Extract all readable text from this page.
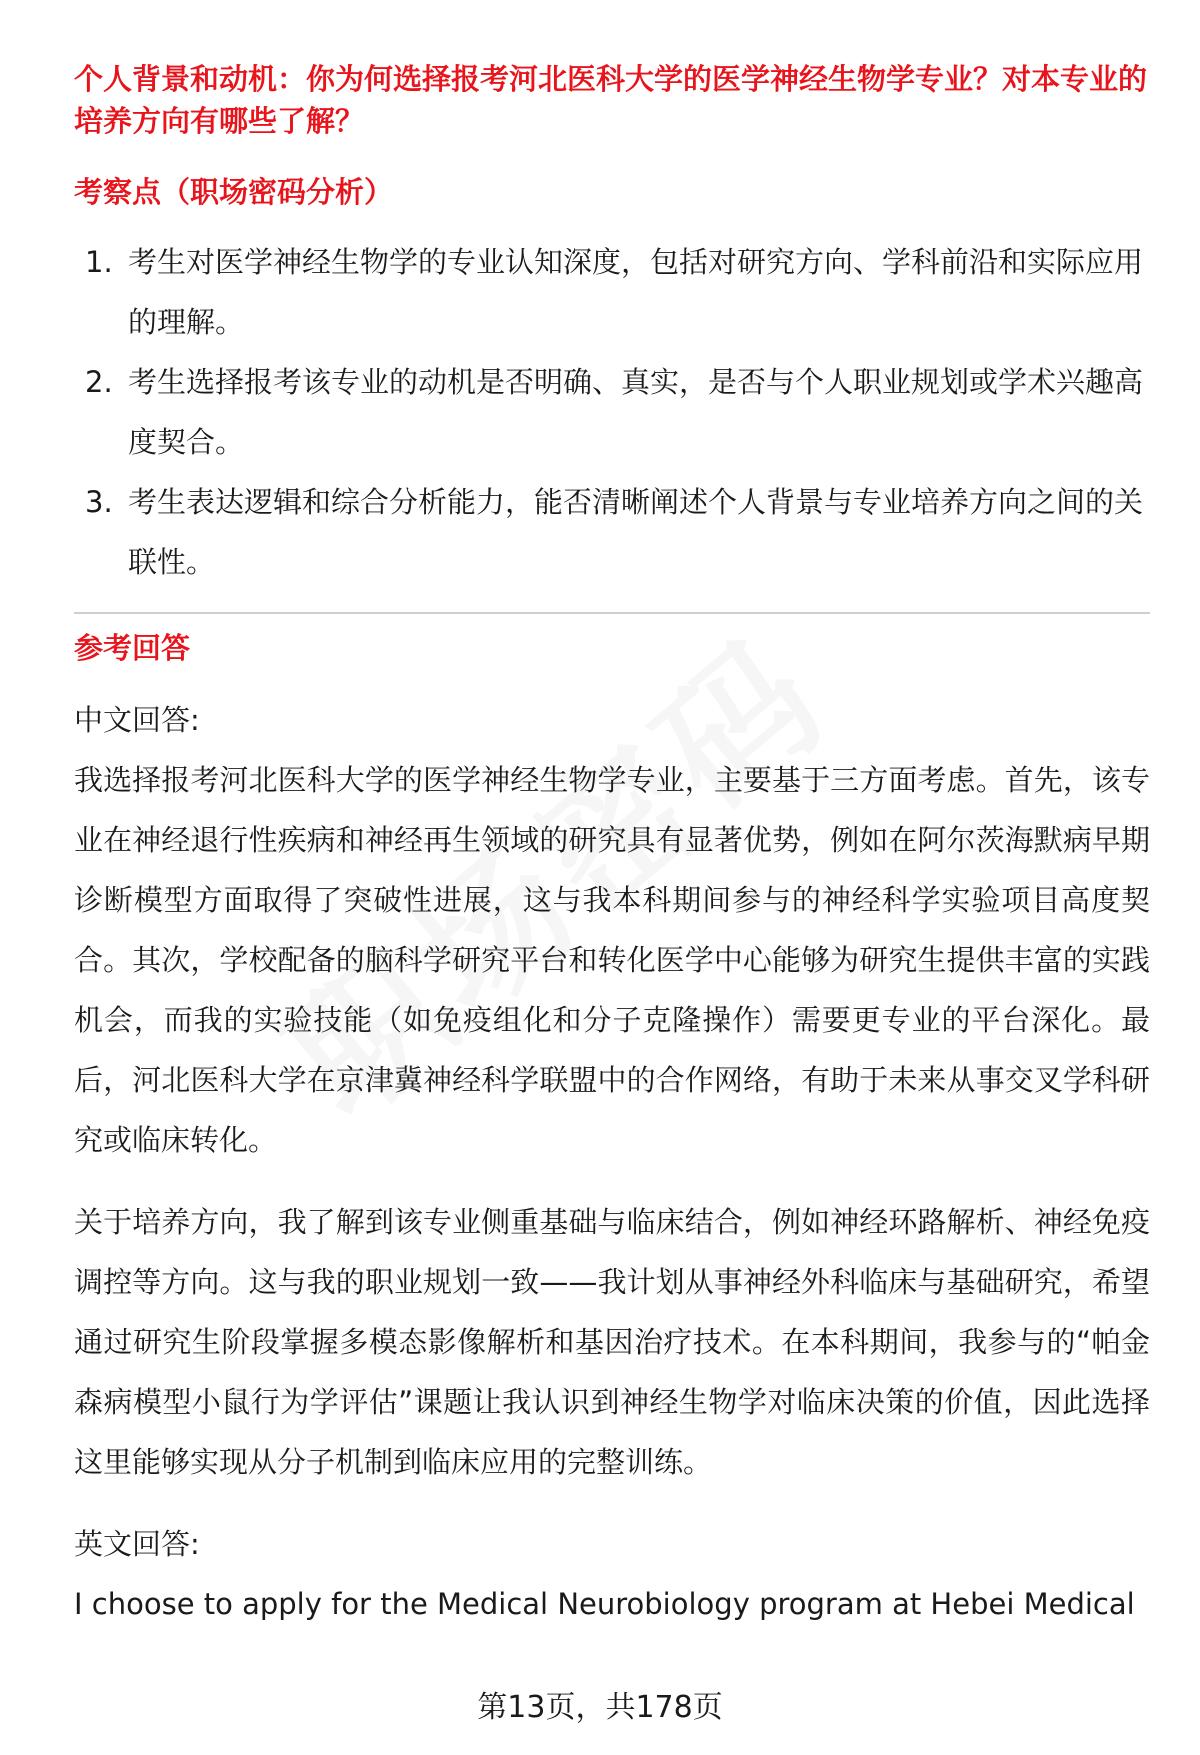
个人背景和动机：你为何选择报考河北医科大学的医学神经生物学专业？对本专业的培养方向有哪些了解？

考察点（职场密码分析）

1. 考生对医学神经生物学的专业认知深度，包括对研究方向、学科前沿和实际应用的理解。
2. 考生选择报考该专业的动机是否明确、真实，是否与个人职业规划或学术兴趣高度契合。
3. 考生表达逻辑和综合分析能力，能否清晰阐述个人背景与专业培养方向之间的关联性。

参考回答

中文回答:

我选择报考河北医科大学的医学神经生物学专业，主要基于三方面考虑。首先，该专业在神经退行性疾病和神经再生领域的研究具有显著优势，例如在阿尔茨海默病早期诊断模型方面取得了突破性进展，这与我本科期间参与的神经科学实验项目高度契合。其次，学校配备的脑科学研究平台和转化医学中心能够为研究生提供丰富的实践机会，而我的实验技能（如免疫组化和分子克隆操作）需要更专业的平台深化。最后，河北医科大学在京津冀神经科学联盟中的合作网络，有助于未来从事交叉学科研究或临床转化。

关于培养方向，我了解到该专业侧重基础与临床结合，例如神经环路解析、神经免疫调控等方向。这与我的职业规划一致——我计划从事神经外科临床与基础研究，希望通过研究生阶段掌握多模态影像解析和基因治疗技术。在本科期间，我参与的“帕金森病模型小鼠行为学评估”课题让我认识到神经生物学对临床决策的价值，因此选择这里能够实现从分子机制到临床应用的完整训练。

英文回答:
I choose to apply for the Medical Neurobiology program at Hebei Medical
第13页，共178页
